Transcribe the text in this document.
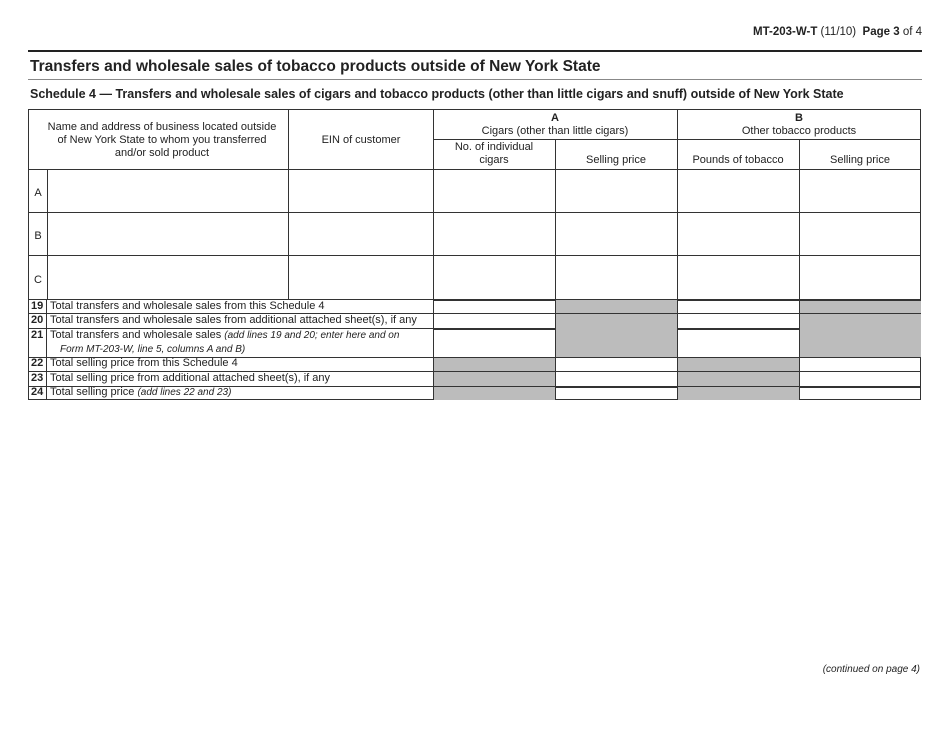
MT-203-W-T (11/10) Page 3 of 4
Transfers and wholesale sales of tobacco products outside of New York State
Schedule 4 — Transfers and wholesale sales of cigars and tobacco products (other than little cigars and snuff) outside of New York State
Name and address of business located outside of New York State to whom you transferred and/or sold product
EIN of customer
A
Cigars (other than little cigars)
B
Other tobacco products
No. of individual cigars	Selling price	Pounds of tobacco	Selling price
A
B
C
19 Total transfers and wholesale sales from this Schedule 4
20 Total transfers and wholesale sales from additional attached sheet(s), if any
21 Total transfers and wholesale sales (add lines 19 and 20; enter here and on
Form MT-203-W, line 5, columns A and B)
22 Total selling price from this Schedule 4
23 Total selling price from additional attached sheet(s), if any
24 Total selling price (add lines 22 and 23)
(continued on page 4)
